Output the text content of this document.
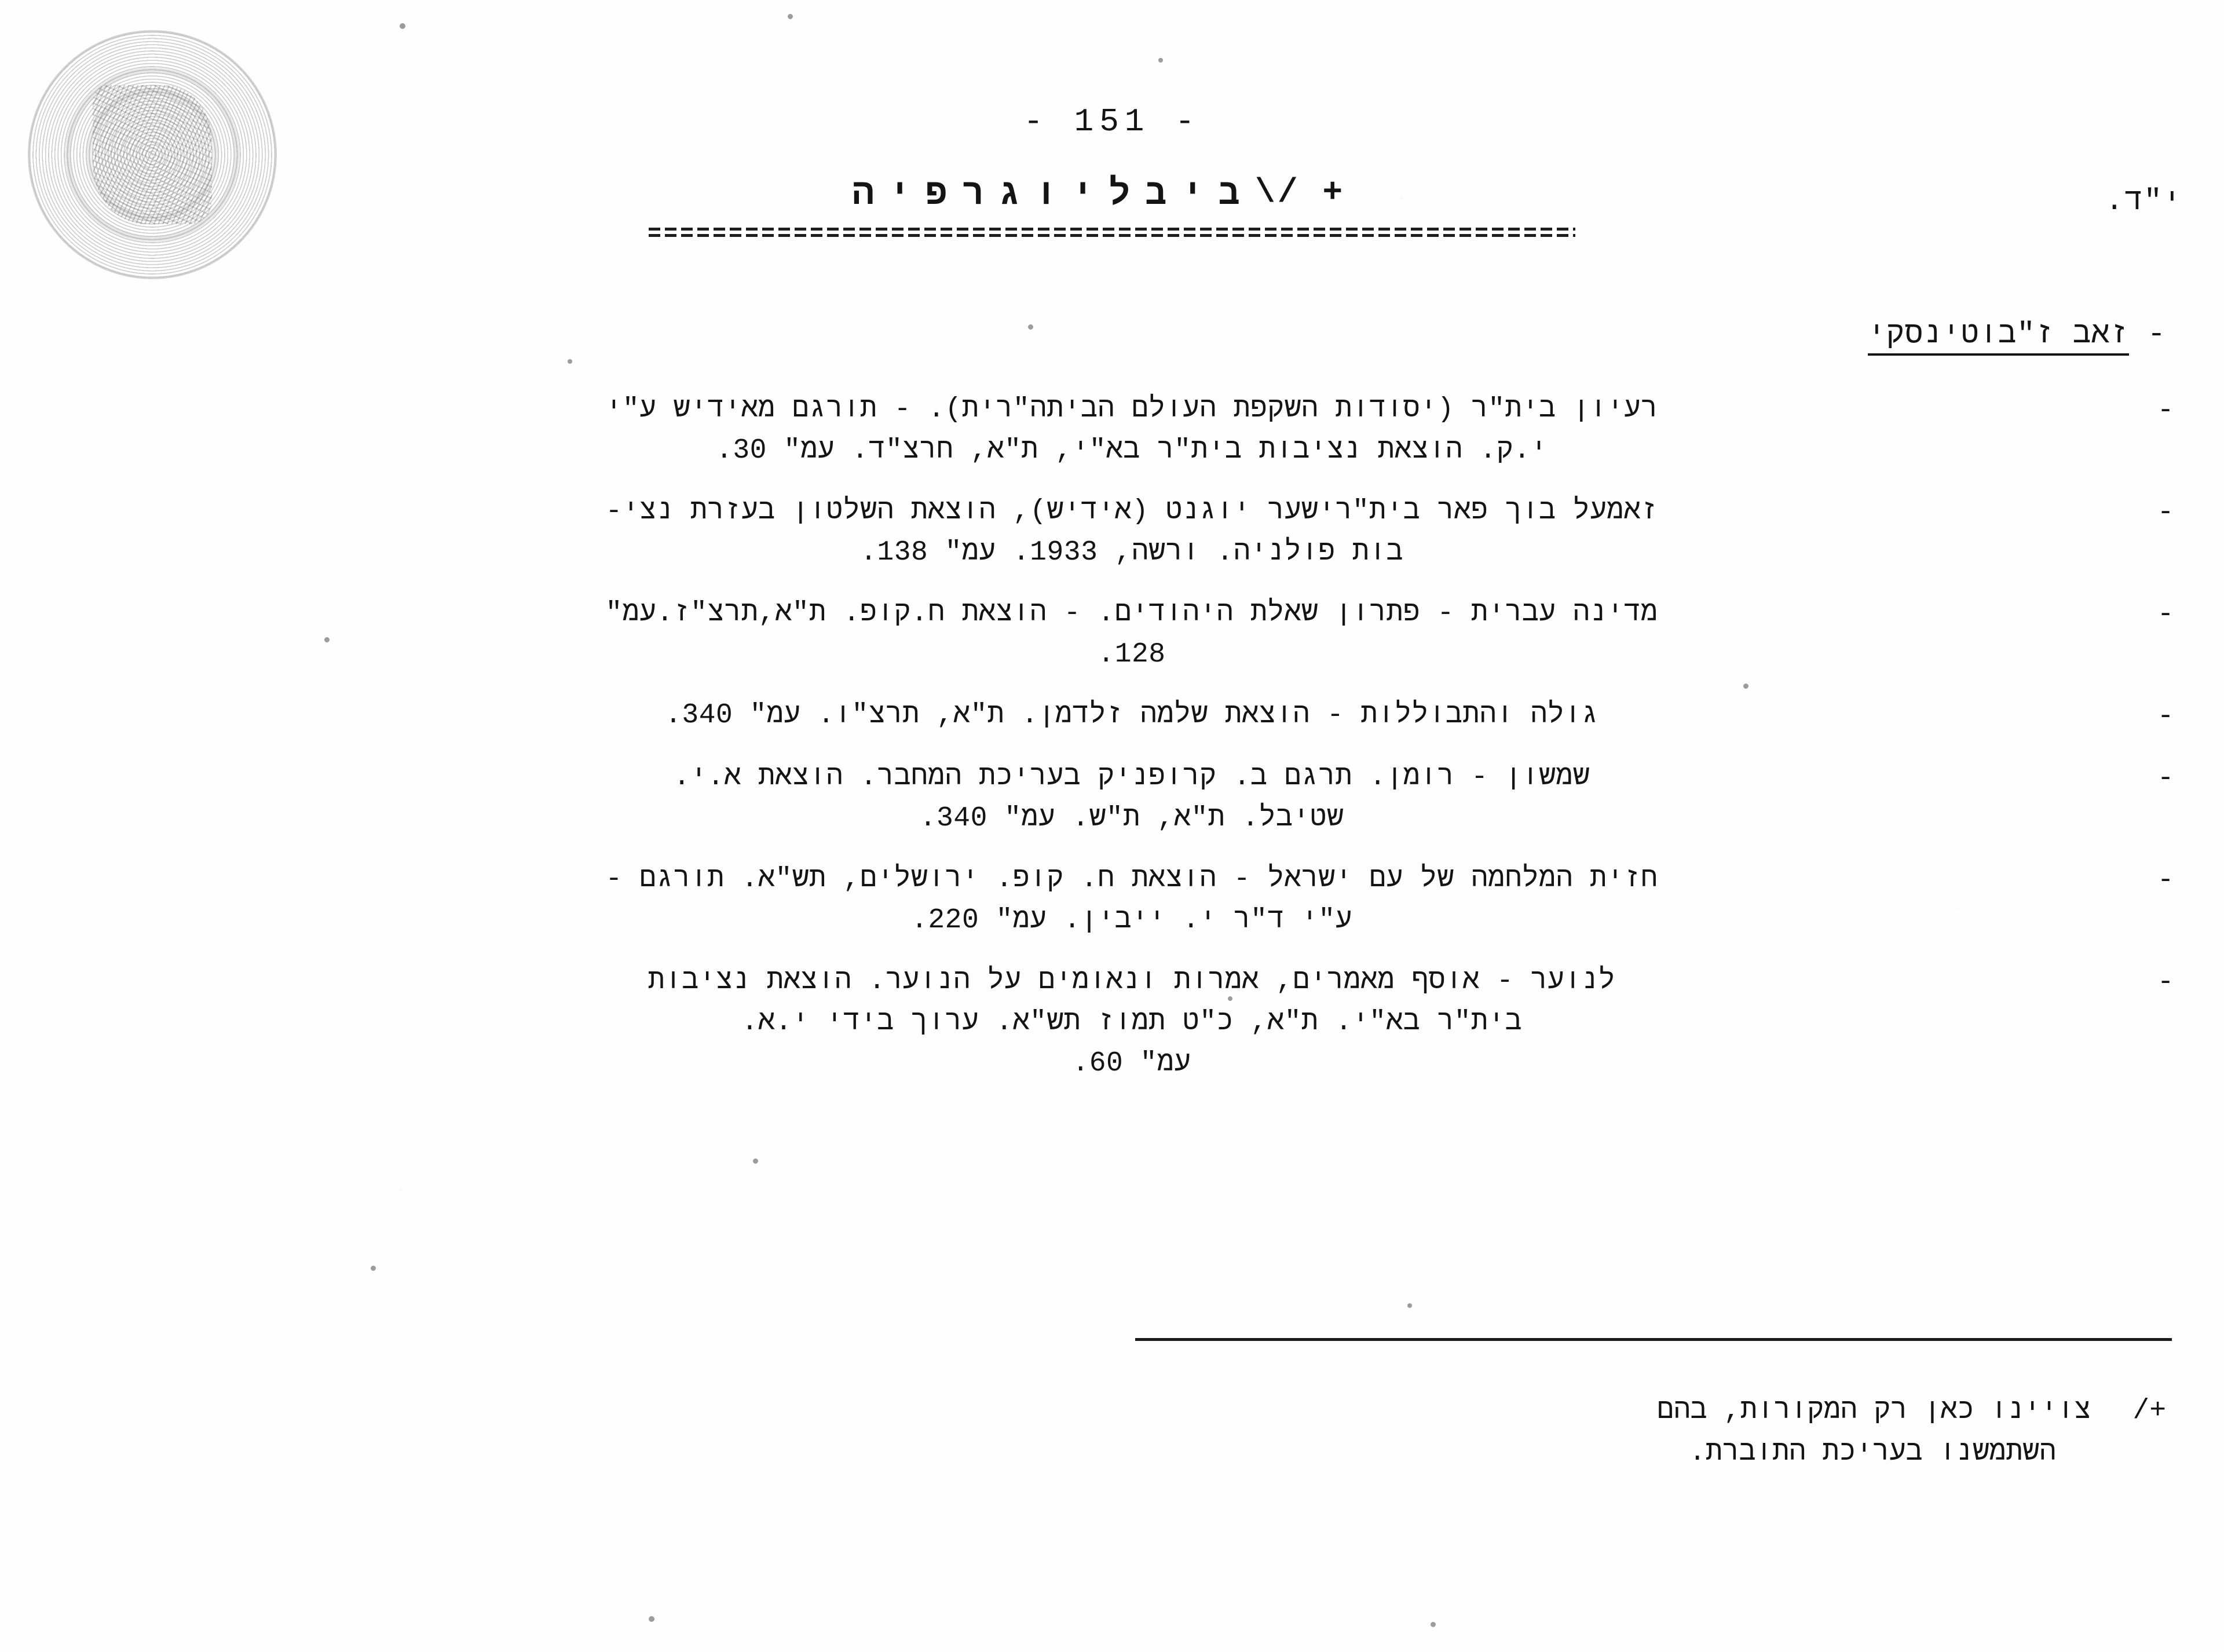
- 151 -
+ /\ביבליוגרפיה	י"ד.
- זאב ז"בוטינסקי
-
רעיון בית"ר (יסודות השקפת העולם הביתה"רית). - תורגם מאידיש ע"י
י.ק. הוצאת נציבות בית"ר בא"י, ת"א, חרצ"ד. עמ" 30.
-
זאמעל בוך פאר בית"רישער יוגנט (אידיש), הוצאת השלטון בעזרת נצי-
בות פולניה. ורשה, 1933. עמ" 138.
-
מדינה עברית - פתרון שאלת היהודים. - הוצאת ח.קופ. ת"א,תרצ"ז.עמ"
128.
-
גולה והתבוללות - הוצאת שלמה זלדמן. ת"א, תרצ"ו. עמ" 340.
-
שמשון - רומן. תרגם ב. קרופניק בעריכת המחבר. הוצאת א.י.
שטיבל. ת"א, ת"ש. עמ" 340.
-
חזית המלחמה של עם ישראל - הוצאת ח. קופ. ירושלים, תש"א. תורגם -
ע"י ד"ר י. ייבין. עמ" 220.
-
לנוער - אוסף מאמרים, אמרות ונאומים על הנוער. הוצאת נציבות
בית"ר בא"י. ת"א, כ"ט תמוז תש"א. ערוך בידי י.א.
עמ" 60.
+/
צויינו כאן רק המקורות, בהם
השתמשנו בעריכת התוברת.
